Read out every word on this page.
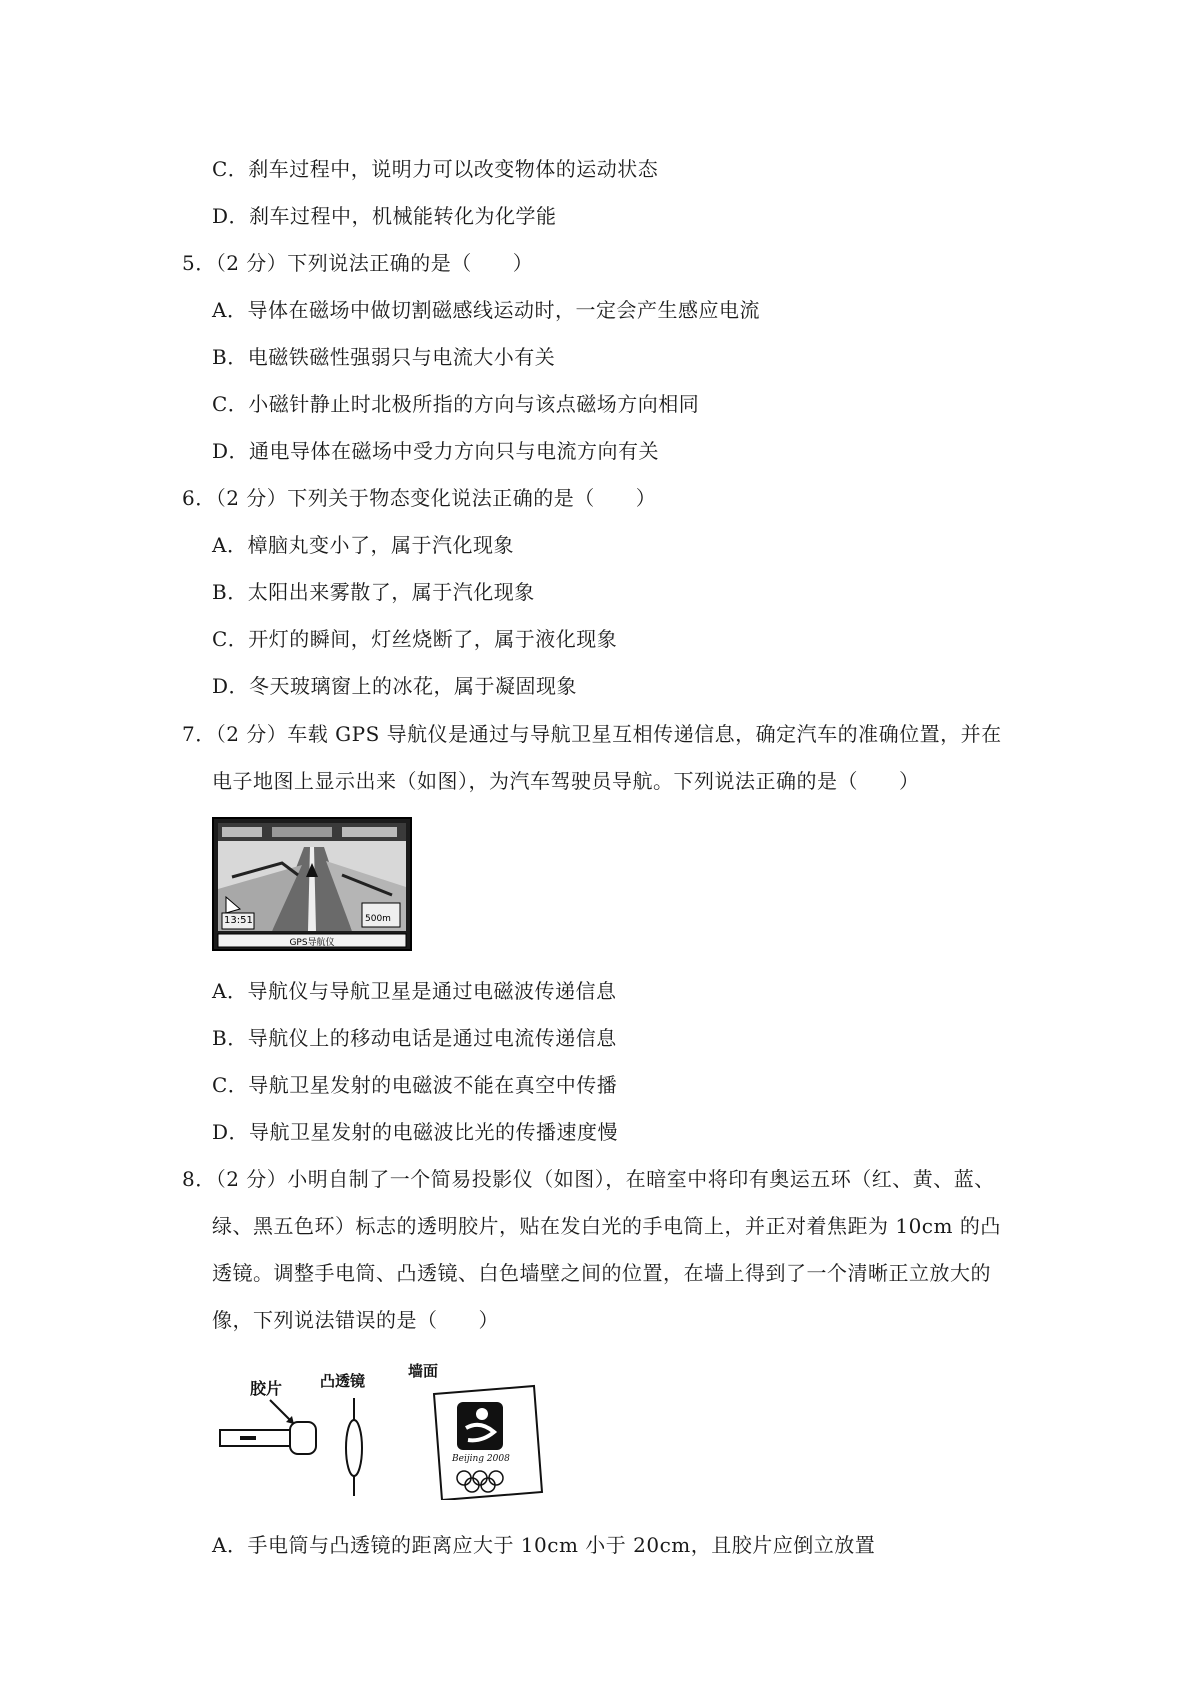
C．刹车过程中，说明力可以改变物体的运动状态
D．刹车过程中，机械能转化为化学能
5．（2 分）下列说法正确的是（　　）
A．导体在磁场中做切割磁感线运动时，一定会产生感应电流
B．电磁铁磁性强弱只与电流大小有关
C．小磁针静止时北极所指的方向与该点磁场方向相同
D．通电导体在磁场中受力方向只与电流方向有关
6．（2 分）下列关于物态变化说法正确的是（　　）
A．樟脑丸变小了，属于汽化现象
B．太阳出来雾散了，属于汽化现象
C．开灯的瞬间，灯丝烧断了，属于液化现象
D．冬天玻璃窗上的冰花，属于凝固现象
7．（2 分）车载 GPS 导航仪是通过与导航卫星互相传递信息，确定汽车的准确位置，并在
电子地图上显示出来（如图），为汽车驾驶员导航。下列说法正确的是（　　）
13:51	500m
GPS导航仪
A．导航仪与导航卫星是通过电磁波传递信息
B．导航仪上的移动电话是通过电流传递信息
C．导航卫星发射的电磁波不能在真空中传播
D．导航卫星发射的电磁波比光的传播速度慢
8．（2 分）小明自制了一个简易投影仪（如图），在暗室中将印有奥运五环（红、黄、蓝、
绿、黑五色环）标志的透明胶片，贴在发白光的手电筒上，并正对着焦距为 10cm 的凸
透镜。调整手电筒、凸透镜、白色墙壁之间的位置，在墙上得到了一个清晰正立放大的
像，下列说法错误的是（　　）
胶片	凸透镜
墙面
Beijing 2008
A．手电筒与凸透镜的距离应大于 10cm 小于 20cm，且胶片应倒立放置
